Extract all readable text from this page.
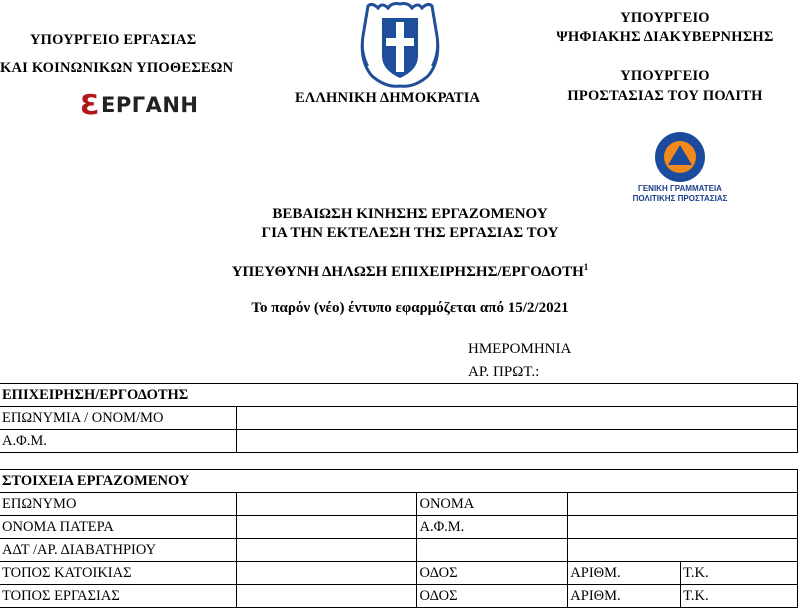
ΥΠΟΥΡΓΕΙΟ ΕΡΓΑΣΙΑΣ
ΚΑΙ ΚΟΙΝΩΝΙΚΩΝ ΥΠΟΘΕΣΕΩΝ
Ɛ ΕΡΓΑΝΗ	ΕΛΛΗΝΙΚΗ ΔΗΜΟΚΡΑΤΙΑ
ΥΠΟΥΡΓΕΙΟ
ΨΗΦΙΑΚΗΣ ΔΙΑΚΥΒΕΡΝΗΣΗΣ
ΥΠΟΥΡΓΕΙΟ
ΠΡΟΣΤΑΣΙΑΣ ΤΟΥ ΠΟΛΙΤΗ
ΓΕΝΙΚΗ ΓΡΑΜΜΑΤΕΙΑ
ΠΟΛΙΤΙΚΗΣ ΠΡΟΣΤΑΣΙΑΣ
ΒΕΒΑΙΩΣΗ ΚΙΝΗΣΗΣ ΕΡΓΑΖΟΜΕΝΟΥ
ΓΙΑ ΤΗΝ ΕΚΤΕΛΕΣΗ ΤΗΣ ΕΡΓΑΣΙΑΣ ΤΟΥ
ΥΠΕΥΘΥΝΗ ΔΗΛΩΣΗ ΕΠΙΧΕΙΡΗΣΗΣ/ΕΡΓΟΔΟΤΗ$^1$
Το παρόν (νέο) έντυπο εφαρμόζεται από 15/2/2021
ΗΜΕΡΟΜΗΝΙΑ
ΑΡ. ΠΡΩΤ.:
ΕΠΙΧΕΙΡΗΣΗ/ΕΡΓΟΔΟΤΗΣ	
ΕΠΩΝΥΜΙΑ / ΟΝΟΜ/ΜΟ	
Α.Φ.Μ.	
ΣΤΟΙΧΕΙΑ ΕΡΓΑΖΟΜΕΝΟΥ				
ΕΠΩΝΥΜΟ		ΟΝΟΜΑ		
ΟΝΟΜΑ ΠΑΤΕΡΑ		Α.Φ.Μ.		
ΑΔΤ /ΑΡ. ΔΙΑΒΑΤΗΡΙΟΥ				
ΤΟΠΟΣ ΚΑΤΟΙΚΙΑΣ		ΟΔΟΣ	ΑΡΙΘΜ.	Τ.Κ.
ΤΟΠΟΣ ΕΡΓΑΣΙΑΣ		ΟΔΟΣ	ΑΡΙΘΜ.	Τ.Κ.
